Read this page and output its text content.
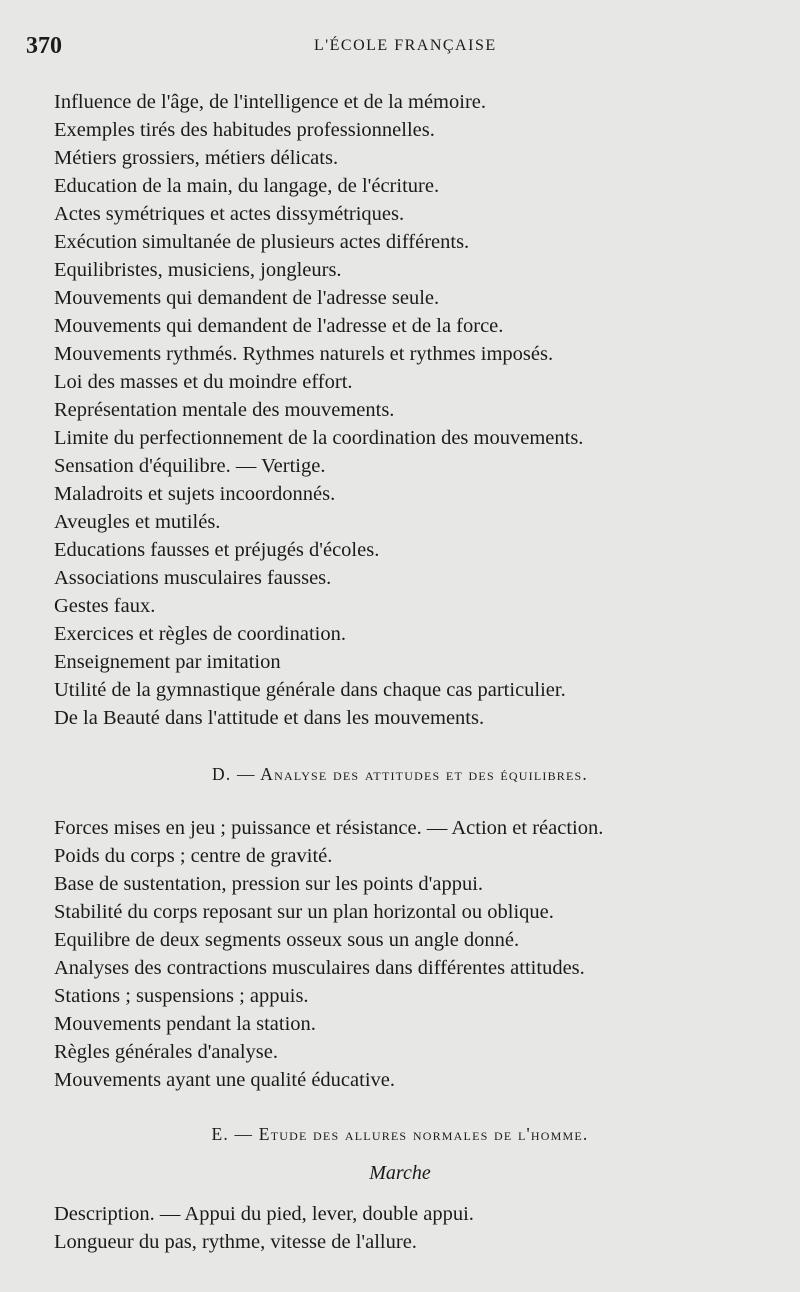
370	L'ÉCOLE FRANÇAISE
Influence de l'âge, de l'intelligence et de la mémoire.
Exemples tirés des habitudes professionnelles.
Métiers grossiers, métiers délicats.
Education de la main, du langage, de l'écriture.
Actes symétriques et actes dissymétriques.
Exécution simultanée de plusieurs actes différents.
Equilibristes, musiciens, jongleurs.
Mouvements qui demandent de l'adresse seule.
Mouvements qui demandent de l'adresse et de la force.
Mouvements rythmés. Rythmes naturels et rythmes imposés.
Loi des masses et du moindre effort.
Représentation mentale des mouvements.
Limite du perfectionnement de la coordination des mouvements.
Sensation d'équilibre. — Vertige.
Maladroits et sujets incoordonnés.
Aveugles et mutilés.
Educations fausses et préjugés d'écoles.
Associations musculaires fausses.
Gestes faux.
Exercices et règles de coordination.
Enseignement par imitation
Utilité de la gymnastique générale dans chaque cas particulier.
De la Beauté dans l'attitude et dans les mouvements.
D. — Analyse des attitudes et des équilibres.
Forces mises en jeu ; puissance et résistance. — Action et réaction.
Poids du corps ; centre de gravité.
Base de sustentation, pression sur les points d'appui.
Stabilité du corps reposant sur un plan horizontal ou oblique.
Equilibre de deux segments osseux sous un angle donné.
Analyses des contractions musculaires dans différentes attitudes.
Stations ; suspensions ; appuis.
Mouvements pendant la station.
Règles générales d'analyse.
Mouvements ayant une qualité éducative.
E. — Etude des allures normales de l'homme.
Marche
Description. — Appui du pied, lever, double appui.
Longueur du pas, rythme, vitesse de l'allure.
